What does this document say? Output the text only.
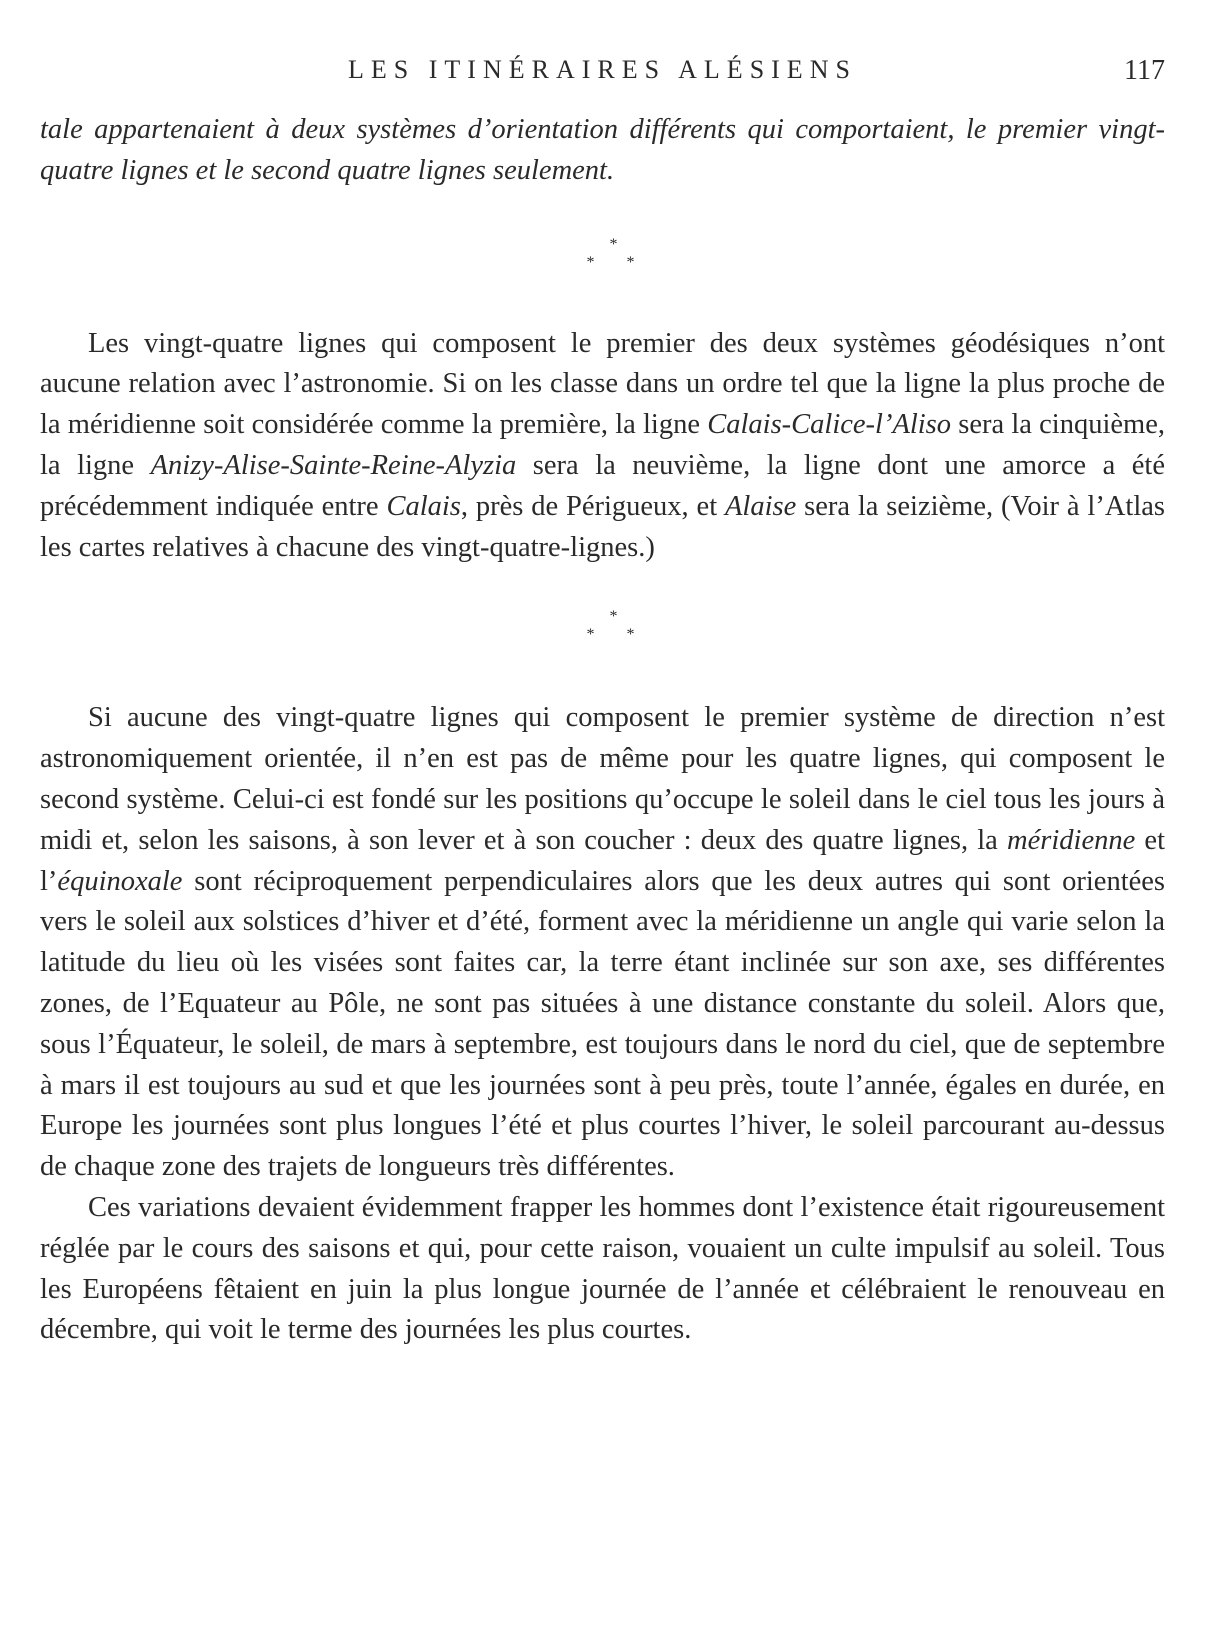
LES ITINÉRAIRES ALÉSIENS	117

tale appartenaient à deux systèmes d’orientation différents qui comportaient, le premier vingt-quatre lignes et le second quatre lignes seulement.

*
* *

Les vingt-quatre lignes qui composent le premier des deux systèmes géodésiques n’ont aucune relation avec l’astronomie. Si on les classe dans un ordre tel que la ligne la plus proche de la méridienne soit considérée comme la première, la ligne Calais-Calice-l’Aliso sera la cinquième, la ligne Anizy-Alise-Sainte-Reine-Alyzia sera la neuvième, la ligne dont une amorce a été précédemment indiquée entre Calais, près de Périgueux, et Alaise sera la seizième, (Voir à l’Atlas les cartes relatives à chacune des vingt-quatre-lignes.)

*
* *

Si aucune des vingt-quatre lignes qui composent le premier système de direction n’est astronomiquement orientée, il n’en est pas de même pour les quatre lignes, qui composent le second système. Celui-ci est fondé sur les positions qu’occupe le soleil dans le ciel tous les jours à midi et, selon les saisons, à son lever et à son coucher : deux des quatre lignes, la méridienne et l’équinoxale sont réciproquement perpendiculaires alors que les deux autres qui sont orientées vers le soleil aux solstices d’hiver et d’été, forment avec la méridienne un angle qui varie selon la latitude du lieu où les visées sont faites car, la terre étant inclinée sur son axe, ses différentes zones, de l’Equateur au Pôle, ne sont pas situées à une distance constante du soleil. Alors que, sous l’Équateur, le soleil, de mars à septembre, est toujours dans le nord du ciel, que de septembre à mars il est toujours au sud et que les journées sont à peu près, toute l’année, égales en durée, en Europe les journées sont plus longues l’été et plus courtes l’hiver, le soleil parcourant au-dessus de chaque zone des trajets de longueurs très différentes.

Ces variations devaient évidemment frapper les hommes dont l’existence était rigoureusement réglée par le cours des saisons et qui, pour cette raison, vouaient un culte impulsif au soleil. Tous les Européens fêtaient en juin la plus longue journée de l’année et célébraient le renouveau en décembre, qui voit le terme des journées les plus courtes.
